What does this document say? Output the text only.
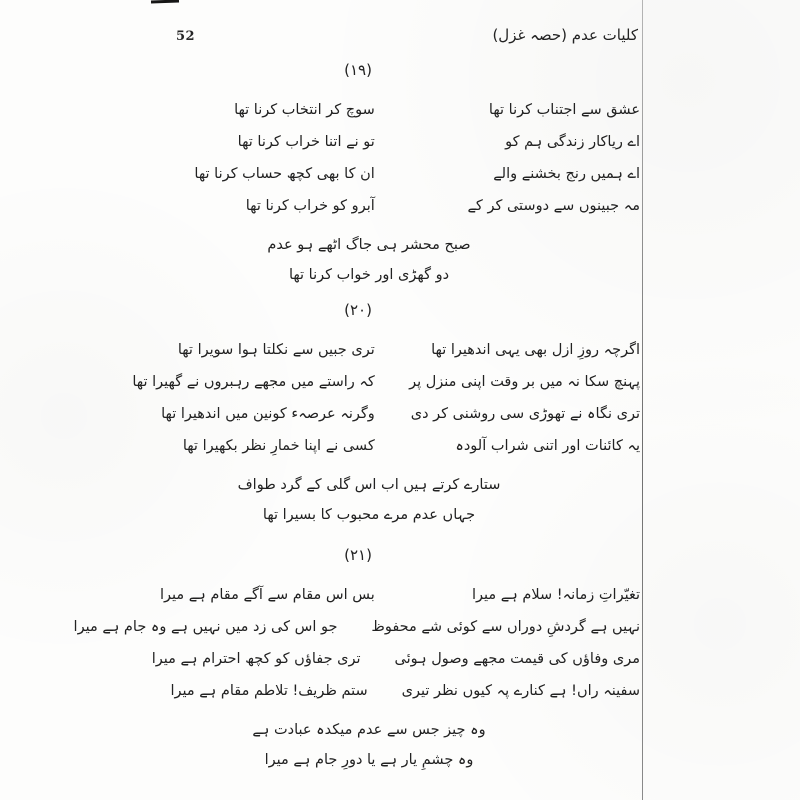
52	کلیات عدم (حصہ غزل)
(۱۹)
عشق سے اجتناب کرنا تھا
سوچ کر انتخاب کرنا تھا
اے ریاکار زندگی ہم کو
تو نے اتنا خراب کرنا تھا
اے ہمیں رنج بخشنے والے
ان کا بھی کچھ حساب کرنا تھا
مہ جبینوں سے دوستی کر کے
آبرو کو خراب کرنا تھا
صبح محشر ہی جاگ اٹھے ہو عدم
دو گھڑی اور خواب کرنا تھا
(۲۰)
اگرچہ روزِ ازل بھی یہی اندھیرا تھا
تری جبیں سے نکلتا ہوا سویرا تھا
پہنچ سکا نہ میں بر وقت اپنی منزل پر
کہ راستے میں مجھے رہبروں نے گھیرا تھا
تری نگاہ نے تھوڑی سی روشنی کر دی
وگرنہ عرصہء کونین میں اندھیرا تھا
یہ کائنات اور اتنی شراب آلودہ
کسی نے اپنا خمارِ نظر بکھیرا تھا
ستارے کرتے ہیں اب اس گلی کے گرد طواف
جہاں عدم مرے محبوب کا بسیرا تھا
(۲۱)
تغیّراتِ زمانہ! سلام ہے میرا
بس اس مقام سے آگے مقام ہے میرا
نہیں ہے گردشِ دوراں سے کوئی شے محفوظ
جو اس کی زد میں نہیں ہے وہ جام ہے میرا
مری وفاؤں کی قیمت مجھے وصول ہوئی
تری جفاؤں کو کچھ احترام ہے میرا
سفینہ راں! ہے کنارے پہ کیوں نظر تیری
ستم ظریف! تلاطم مقام ہے میرا
وہ چیز جس سے عدم میکدہ عبادت ہے
وہ چشمِ یار ہے یا دورِ جام ہے میرا
